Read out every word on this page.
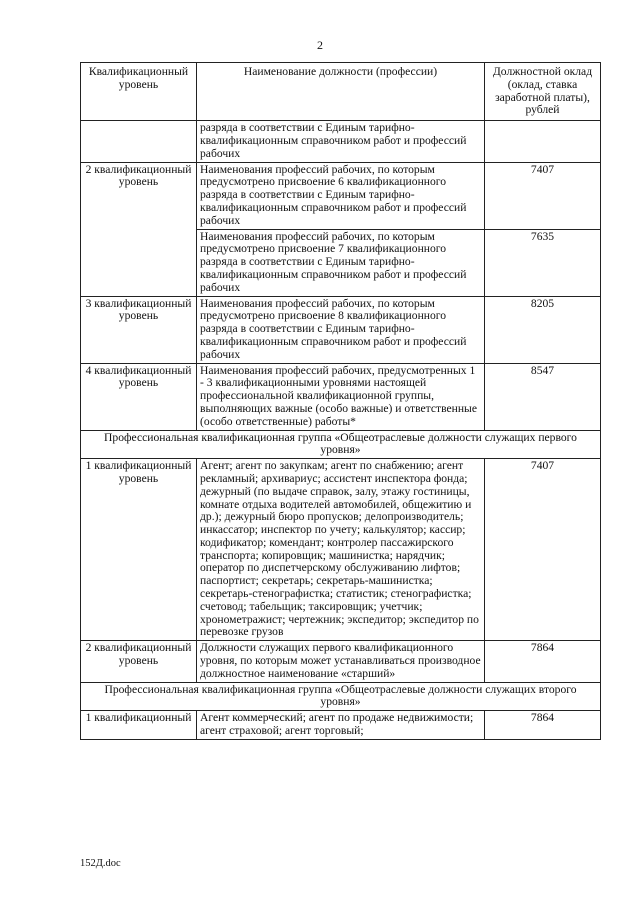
2
Квалификационный уровень	Наименование должности (профессии)	Должностной оклад (оклад, ставка заработной платы), рублей
	разряда в соответствии с Единым тарифно-квалификационным справочником работ и профессий рабочих	
2 квалификационный уровень	Наименования профессий рабочих, по которым предусмотрено присвоение 6 квалификационного разряда в соответствии с Единым тарифно-квалификационным справочником работ и профессий рабочих	7407
	Наименования профессий рабочих, по которым предусмотрено присвоение 7 квалификационного разряда в соответствии с Единым тарифно-квалификационным справочником работ и профессий рабочих	7635
3 квалификационный уровень	Наименования профессий рабочих, по которым предусмотрено присвоение 8 квалификационного разряда в соответствии с Единым тарифно-квалификационным справочником работ и профессий рабочих	8205
4 квалификационный уровень	Наименования профессий рабочих, предусмотренных 1 - 3 квалификационными уровнями настоящей профессиональной квалификационной группы, выполняющих важные (особо важные) и ответственные (особо ответственные) работы*	8547
Профессиональная квалификационная группа «Общеотраслевые должности служащих первого уровня»		
1 квалификационный уровень	Агент; агент по закупкам; агент по снабжению; агент рекламный; архивариус; ассистент инспектора фонда; дежурный (по выдаче справок, залу, этажу гостиницы, комнате отдыха водителей автомобилей, общежитию и др.); дежурный бюро пропусков; делопроизводитель; инкассатор; инспектор по учету; калькулятор; кассир; кодификатор; комендант; контролер пассажирского транспорта; копировщик; машинистка; нарядчик; оператор по диспетчерскому обслуживанию лифтов; паспортист; секретарь; секретарь-машинистка; секретарь-стенографистка; статистик; стенографистка; счетовод; табельщик; таксировщик; учетчик; хронометражист; чертежник; экспедитор; экспедитор по перевозке грузов	7407
2 квалификационный уровень	Должности служащих первого квалификационного уровня, по которым может устанавливаться производное должностное наименование «старший»	7864
Профессиональная квалификационная группа «Общеотраслевые должности служащих второго уровня»		
1 квалификационный	Агент коммерческий; агент по продаже недвижимости; агент страховой; агент торговый;	7864
152Д.doc
